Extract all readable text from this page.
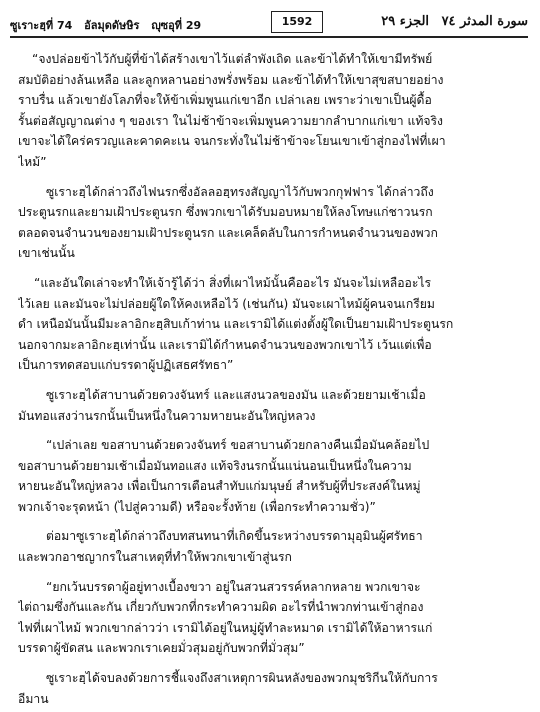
ซูเราะฮฺที่ 74 อัลมุดดัษษิร ญุซอุที่ 29	1592	سورة المدثر ٧٤ الجزء ٢٩
“จงปล่อยข้าไว้กับผู้ที่ข้าได้สร้างเขาไว้แต่ลำพังเถิด และข้าได้ทำให้เขามีทรัพย์
สมบัติอย่างล้นเหลือ และลูกหลานอย่างพรั่งพร้อม และข้าได้ทำให้เขาสุขสบายอย่าง
ราบรื่น แล้วเขายังโลภที่จะให้ข้าเพิ่มพูนแก่เขาอีก เปล่าเลย เพราะว่าเขาเป็นผู้ดื้อ
รั้นต่อสัญญาณต่าง ๆ ของเรา ในไม่ช้าข้าจะเพิ่มพูนความยากลำบากแก่เขา แท้จริง
เขาจะได้ใคร่ครวญและคาดคะเน จนกระทั่งในไม่ช้าข้าจะโยนเขาเข้าสู่กองไฟที่เผา
ไหม้”
ซูเราะฮฺได้กล่าวถึงไฟนรกซึ่งอัลลอฮฺทรงสัญญาไว้กับพวกกุฟฟาร ได้กล่าวถึง
ประตูนรกและยามเฝ้าประตูนรก ซึ่งพวกเขาได้รับมอบหมายให้ลงโทษแก่ชาวนรก
ตลอดจนจำนวนของยามเฝ้าประตูนรก และเคล็ดลับในการกำหนดจำนวนของพวก
เขาเช่นนั้น
“และอันใดเล่าจะทำให้เจ้ารู้ได้ว่า สิ่งที่เผาไหม้นั้นคืออะไร มันจะไม่เหลืออะไร
ไว้เลย และมันจะไม่ปล่อยผู้ใดให้คงเหลือไว้ (เช่นกัน) มันจะเผาไหม้ผู้คนจนเกรียม
ดำ เหนือมันนั้นมีมะลาอิกะฮฺสิบเก้าท่าน และเรามิได้แต่งตั้งผู้ใดเป็นยามเฝ้าประตูนรก
นอกจากมะลาอิกะฮฺเท่านั้น และเรามิได้กำหนดจำนวนของพวกเขาไว้ เว้นแต่เพื่อ
เป็นการทดสอบแก่บรรดาผู้ปฏิเสธศรัทธา”
ซูเราะฮฺได้สาบานด้วยดวงจันทร์ และแสงนวลของมัน และด้วยยามเช้าเมื่อ
มันทอแสงว่านรกนั้นเป็นหนึ่งในความหายนะอันใหญ่หลวง
“เปล่าเลย ขอสาบานด้วยดวงจันทร์ ขอสาบานด้วยกลางคืนเมื่อมันคล้อยไป
ขอสาบานด้วยยามเช้าเมื่อมันทอแสง แท้จริงนรกนั้นแน่นอนเป็นหนึ่งในความ
หายนะอันใหญ่หลวง เพื่อเป็นการเตือนสำทับแก่มนุษย์ สำหรับผู้ที่ประสงค์ในหมู่
พวกเจ้าจะรุดหน้า (ไปสู่ความดี) หรือจะรั้งท้าย (เพื่อกระทำความชั่ว)”
ต่อมาซูเราะฮฺได้กล่าวถึงบทสนทนาที่เกิดขึ้นระหว่างบรรดามุอฺมินผู้ศรัทธา
และพวกอาชญากรในสาเหตุที่ทำให้พวกเขาเข้าสู่นรก
“ยกเว้นบรรดาผู้อยู่ทางเบื้องขวา อยู่ในสวนสวรรค์หลากหลาย พวกเขาจะ
ไต่ถามซึ่งกันและกัน เกี่ยวกับพวกที่กระทำความผิด อะไรที่นำพวกท่านเข้าสู่กอง
ไฟที่เผาไหม้ พวกเขากล่าวว่า เรามิได้อยู่ในหมู่ผู้ทำละหมาด เรามิได้ให้อาหารแก่
บรรดาผู้ขัดสน และพวกเราเคยมั่วสุมอยู่กับพวกที่มั่วสุม”
ซูเราะฮฺได้จบลงด้วยการชี้แจงถึงสาเหตุการผินหลังของพวกมุชริกีนให้กับการ
อีมาน
